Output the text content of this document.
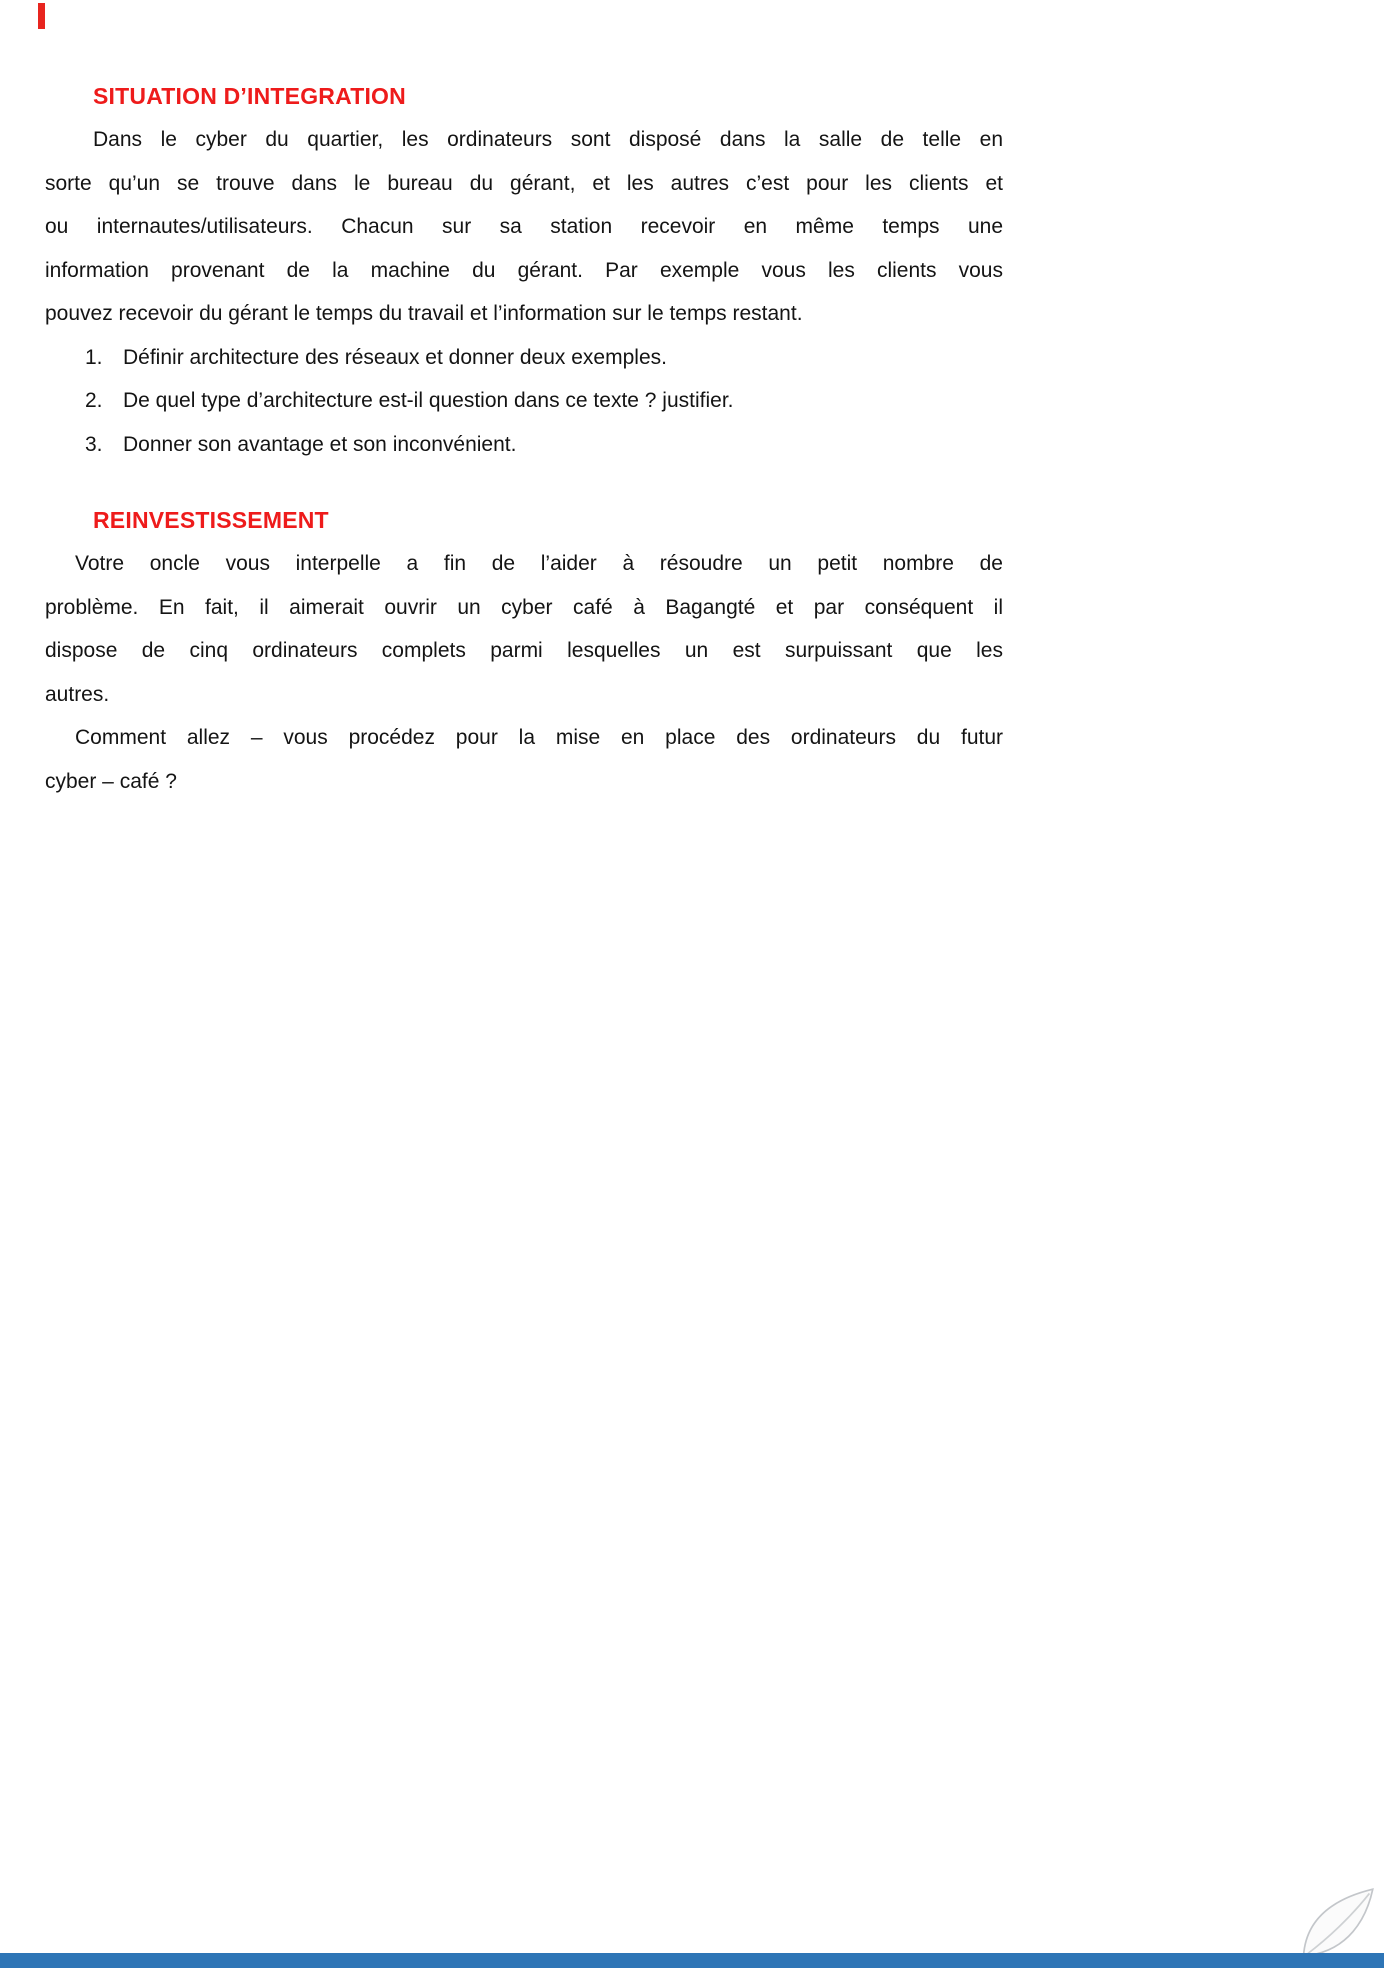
SITUATION D’INTEGRATION
Dans le cyber du quartier, les ordinateurs sont disposé dans la salle de telle en
sorte qu’un se trouve dans le bureau du gérant, et les autres c’est pour les clients et
ou internautes/utilisateurs. Chacun sur sa station recevoir en même temps une
information provenant de la machine du gérant. Par exemple vous les clients vous
pouvez recevoir du gérant le temps du travail et l’information sur le temps restant.
1. Définir architecture des réseaux et donner deux exemples.
2. De quel type d’architecture est-il question dans ce texte ? justifier.
3. Donner son avantage et son inconvénient.
REINVESTISSEMENT
Votre oncle vous interpelle a fin de l’aider à résoudre un petit nombre de
problème. En fait, il aimerait ouvrir un cyber café à Bagangté et par conséquent il
dispose de cinq ordinateurs complets parmi lesquelles un est surpuissant que les
autres.
Comment allez – vous procédez pour la mise en place des ordinateurs du futur
cyber – café ?
